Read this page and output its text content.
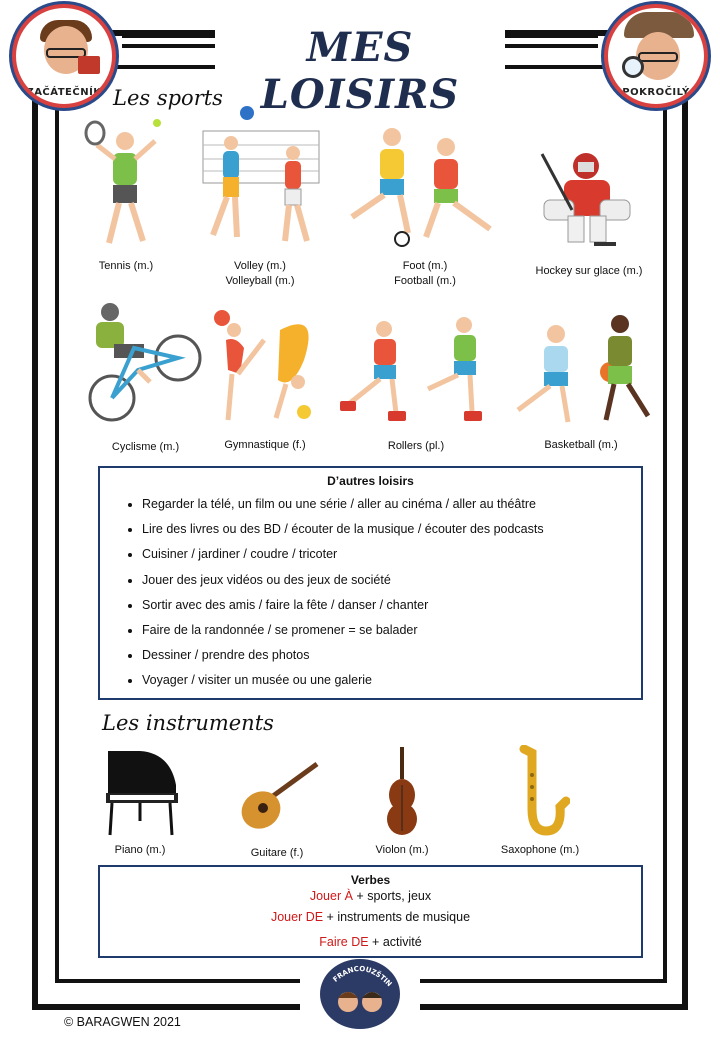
MES LOISIRS
ZAČÁTEČNÍK	POKROČILÝ
Les sports
Tennis (m.)	Volley (m.)
Volleyball (m.)
Foot (m.)
Football (m.)
Hockey sur glace (m.)
Cyclisme (m.)	Gymnastique (f.)	Rollers (pl.)	Basketball (m.)
D’autres loisirs
• Regarder la télé, un film ou une série / aller au cinéma / aller au théâtre
• Lire des livres ou des BD / écouter de la musique / écouter des podcasts
• Cuisiner / jardiner / coudre / tricoter
• Jouer des jeux vidéos ou des jeux de société
• Sortir avec des amis / faire la fête / danser / chanter
• Faire de la randonnée / se promener = se balader
• Dessiner / prendre des photos
• Voyager / visiter un musée ou une galerie
Les instruments
Piano (m.)	Guitare (f.)	Violon (m.)	Saxophone (m.)
Verbes
Jouer À + sports, jeux
Jouer DE + instruments de musique
Faire DE + activité
FRANCOUZŠTIN
© BARAGWEN 2021
